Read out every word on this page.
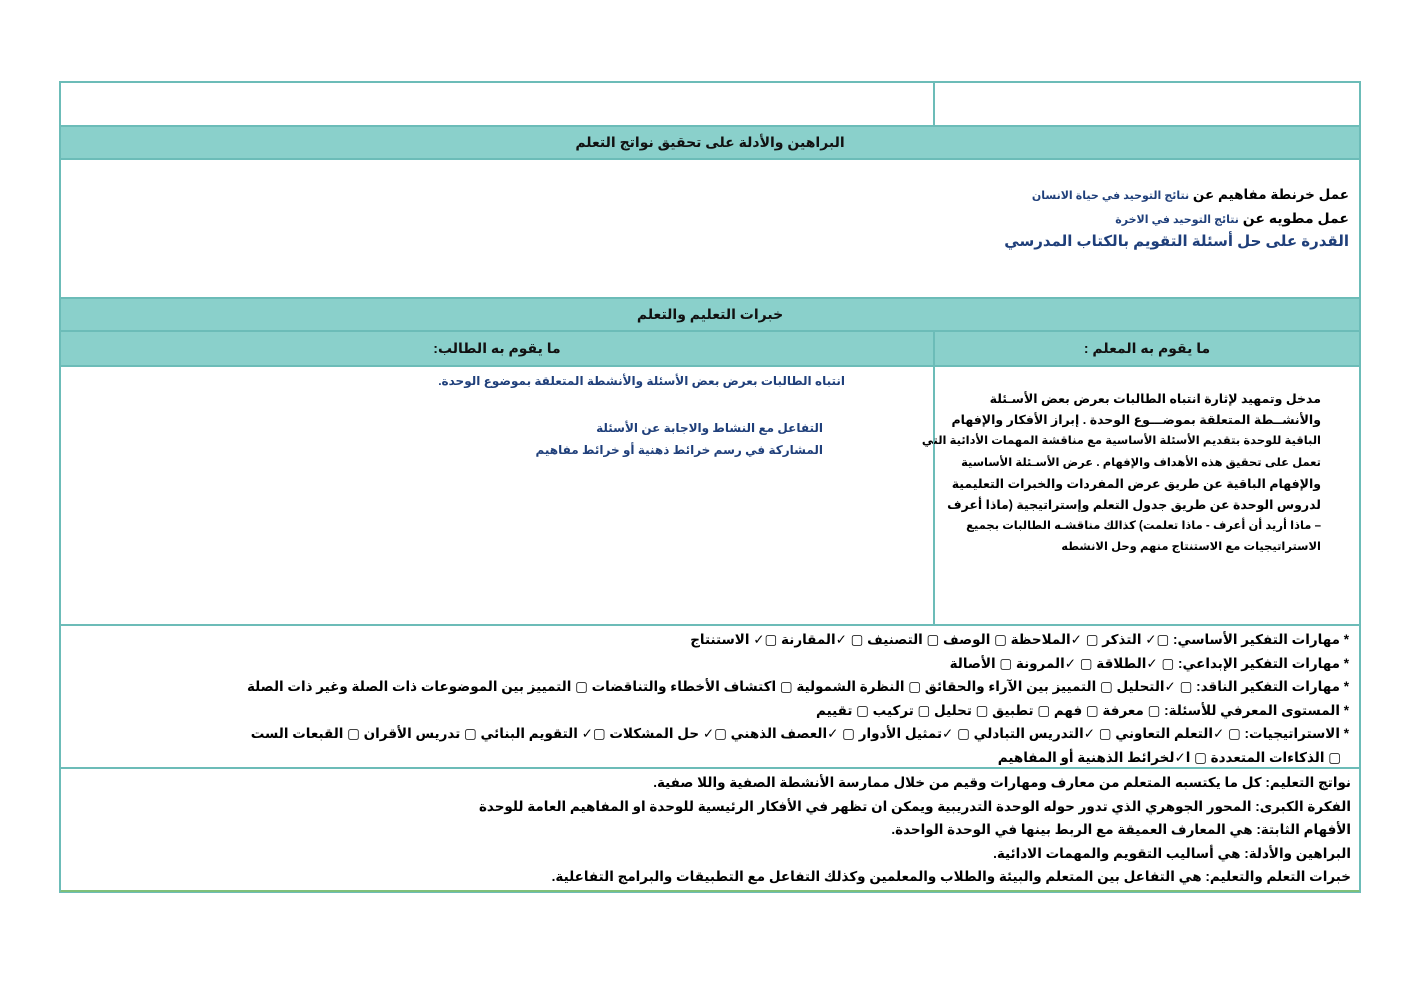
البراهين والأدلة على تحقيق نواتج التعلم
عمل خرنطة مفاهيم عن نتائج التوحيد في حياة الانسان
عمل مطويه عن نتائج التوحيد في الاخرة
القدرة على حل أسئلة التقويم بالكتاب المدرسي
خبرات التعليم والتعلم
ما يقوم به المعلم :
ما يقوم به الطالب:
مدخل وتمهيد لإثارة انتباه الطالبات بعرض بعض الأسـئلة
والأنشــطة المتعلقة بموضـــوع الوحدة . إبراز الأفكار والإفهام
الباقية للوحدة بتقديم الأسئلة الأساسية مع مناقشة المهمات الأدائية التي
تعمل على تحقيق هذه الأهداف والإفهام . عرض الأسـئلة الأساسية
والإفهام الباقية عن طريق عرض المفردات والخبرات التعليمية
لدروس الوحدة عن طريق جدول التعلم وإستراتيجية (ماذا أعرف
– ماذا أريد أن أعرف - ماذا تعلمت) كذالك مناقشـه الطالبات بجميع
الاستراتيجيات مع الاستنتاج منهم وحل الانشطه
انتباه الطالبات بعرض بعض الأسئلة والأنشطة المتعلقة بموضوع الوحدة.
التفاعل مع النشاط والاجابة عن الأسئلة
المشاركة في رسم خرائط ذهنية أو خرائط مفاهيم
* مهارات التفكير الأساسي: ▢✓ التذكر ▢ ✓الملاحظة ▢ الوصف ▢ التصنيف ▢ ✓المقارنة ▢✓ الاستنتاج
* مهارات التفكير الإبداعي: ▢ ✓الطلاقة ▢ ✓المرونة ▢ الأصالة
* مهارات التفكير الناقد: ▢ ✓التحليل ▢ التمييز بين الآراء والحقائق ▢ النظرة الشمولية ▢ اكتشاف الأخطاء والتناقضات ▢ التمييز بين الموضوعات ذات الصلة وغير ذات الصلة
* المستوى المعرفي للأسئلة: ▢ معرفة ▢ فهم ▢ تطبيق ▢ تحليل ▢ تركيب ▢ تقييم
* الاستراتيجيات: ▢ ✓التعلم التعاوني ▢ ✓التدريس التبادلي ▢ ✓تمثيل الأدوار ▢ ✓العصف الذهني ▢✓ حل المشكلات ▢✓ التقويم البنائي ▢ تدريس الأقران ▢ القبعات الست
▢ الذكاءات المتعددة ▢ ا✓لخرائط الذهنية أو المفاهيم
نواتج التعليم: كل ما يكتسبه المتعلم من معارف ومهارات وقيم من خلال ممارسة الأنشطة الصفية واللا صفية.
الفكرة الكبرى: المحور الجوهري الذي تدور حوله الوحدة التدريبية ويمكن ان تظهر في الأفكار الرئيسية للوحدة او المفاهيم العامة للوحدة
الأفهام الثابتة: هي المعارف العميقة مع الربط بينها في الوحدة الواحدة.
البراهين والأدلة: هي أساليب التقويم والمهمات الادائية.
خبرات التعلم والتعليم: هي التفاعل بين المتعلم والبيئة والطلاب والمعلمين وكذلك التفاعل مع التطبيقات والبرامج التفاعلية.
